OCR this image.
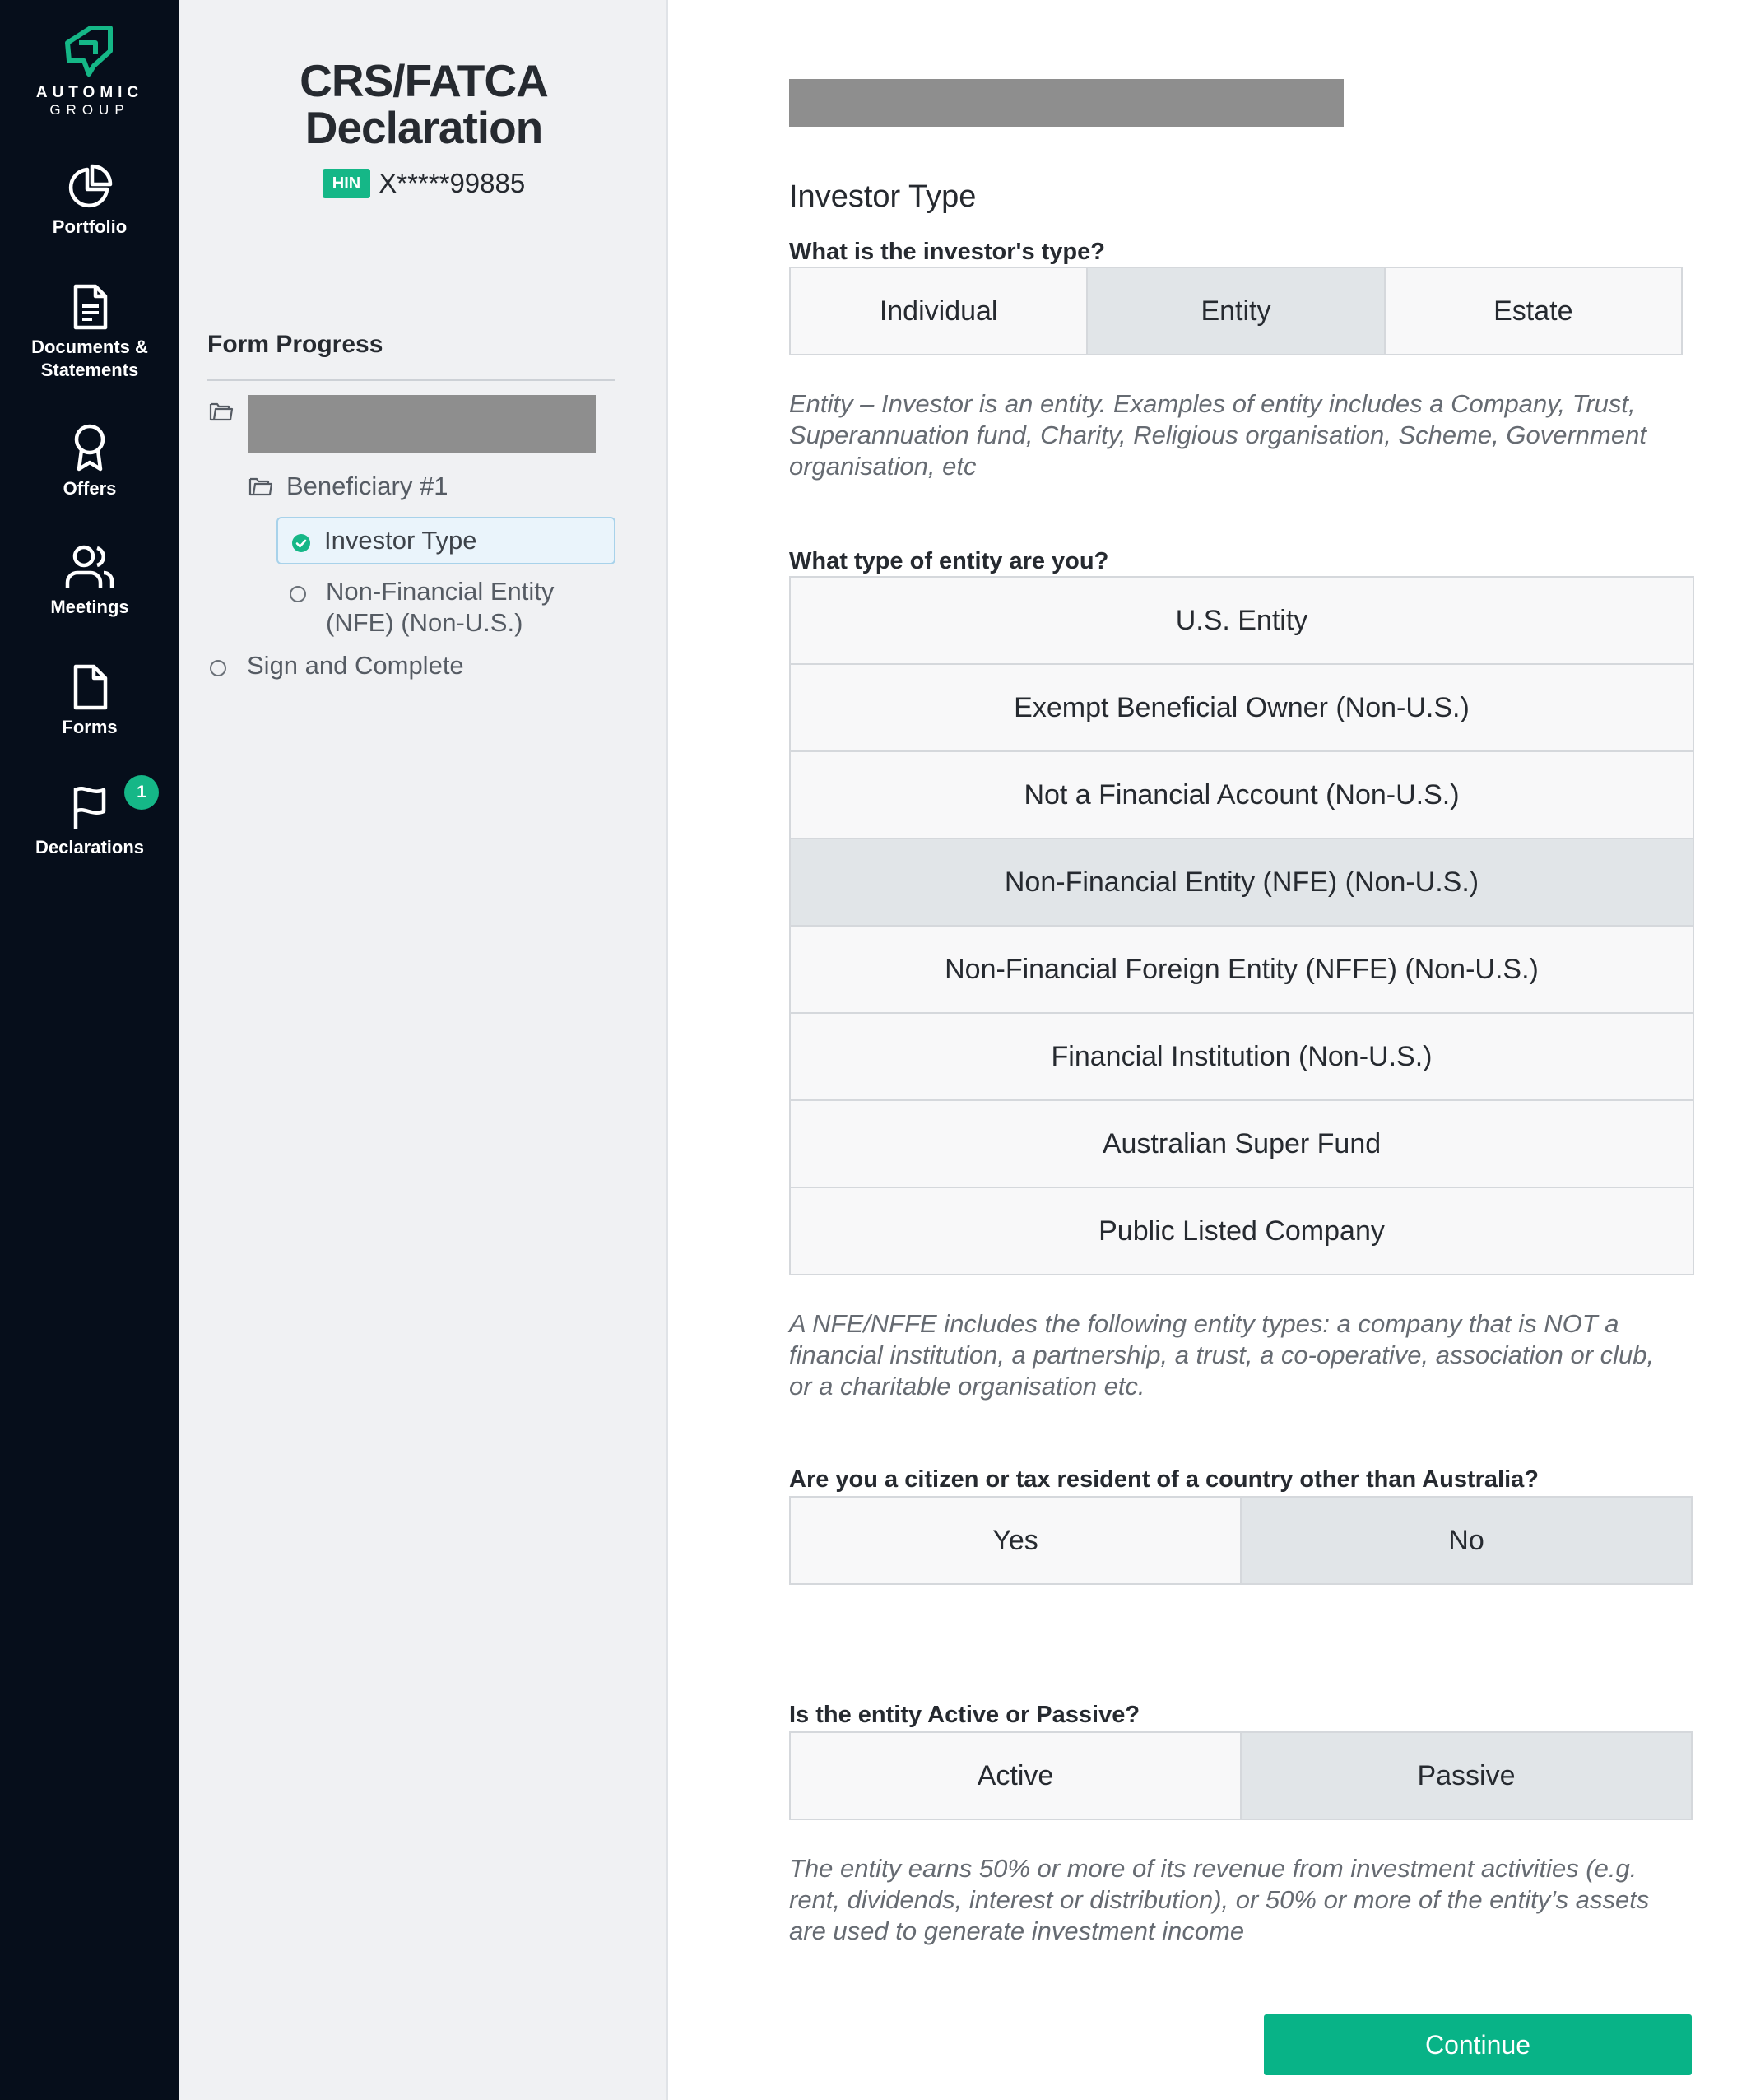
AUTOMIC
GROUP
Portfolio
Documents &
Statements
Offers
Meetings
Forms
Declarations
1
CRS/FATCA
Declaration
HIN X*****99885
Form Progress
Beneficiary #1
Investor Type
Non-Financial Entity
(NFE) (Non-U.S.)
Sign and Complete
Investor Type
What is the investor's type?
Individual	Entity	Estate
Entity – Investor is an entity. Examples of entity includes a Company, Trust, Superannuation fund, Charity, Religious organisation, Scheme, Government organisation, etc
What type of entity are you?
U.S. Entity
Exempt Beneficial Owner (Non-U.S.)
Not a Financial Account (Non-U.S.)
Non-Financial Entity (NFE) (Non-U.S.)
Non-Financial Foreign Entity (NFFE) (Non-U.S.)
Financial Institution (Non-U.S.)
Australian Super Fund
Public Listed Company
A NFE/NFFE includes the following entity types: a company that is NOT a financial institution, a partnership, a trust, a co-operative, association or club, or a charitable organisation etc.
Are you a citizen or tax resident of a country other than Australia?
Yes	No
Is the entity Active or Passive?
Active	Passive
The entity earns 50% or more of its revenue from investment activities (e.g. rent, dividends, interest or distribution), or 50% or more of the entity’s assets are used to generate investment income
Continue
